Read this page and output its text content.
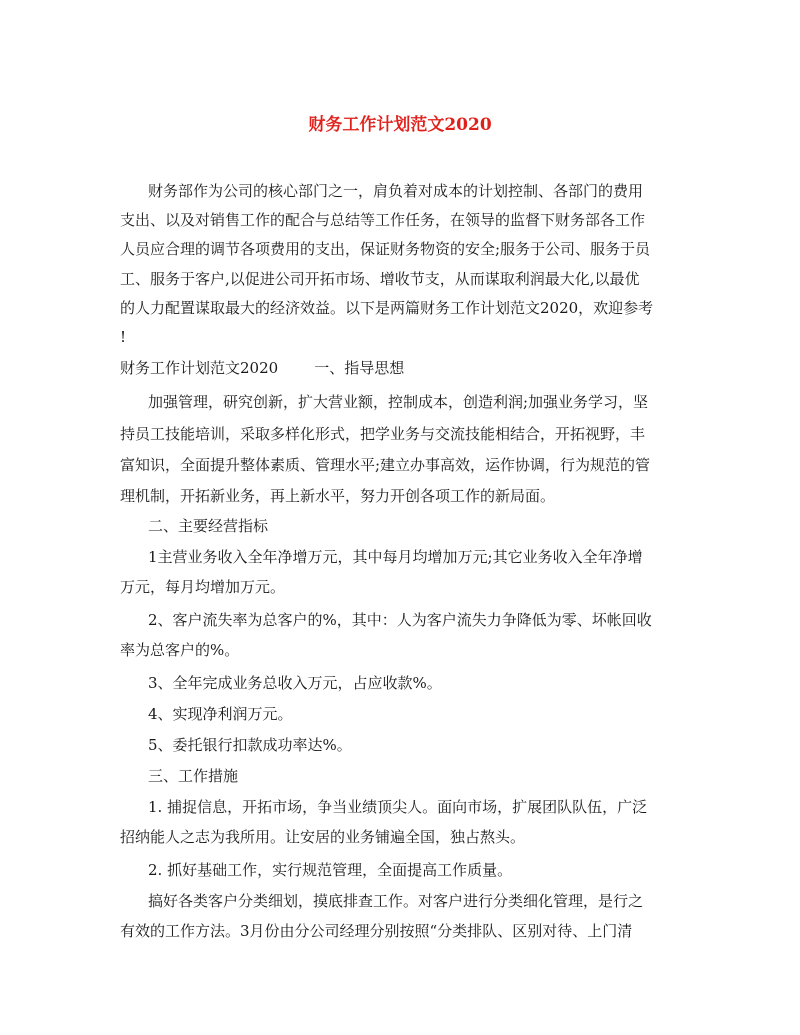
财务工作计划范文2020

财务部作为公司的核心部门之一，肩负着对成本的计划控制、各部门的费用

支出、以及对销售工作的配合与总结等工作任务，在领导的监督下财务部各工作

人员应合理的调节各项费用的支出，保证财务物资的安全;服务于公司、服务于员

工、服务于客户,以促进公司开拓市场、增收节支，从而谋取利润最大化,以最优

的人力配置谋取最大的经济效益。以下是两篇财务工作计划范文2020，欢迎参考

!

财务工作计划范文2020 一、指导思想

加强管理，研究创新，扩大营业额，控制成本，创造利润;加强业务学习，坚

持员工技能培训，采取多样化形式，把学业务与交流技能相结合，开拓视野，丰

富知识，全面提升整体素质、管理水平;建立办事高效，运作协调，行为规范的管

理机制，开拓新业务，再上新水平，努力开创各项工作的新局面。

二、主要经营指标

1主营业务收入全年净增万元，其中每月均增加万元;其它业务收入全年净增

万元，每月均增加万元。

2、客户流失率为总客户的%，其中：人为客户流失力争降低为零、坏帐回收

率为总客户的%。

3、全年完成业务总收入万元，占应收款%。

4、实现净利润万元。

5、委托银行扣款成功率达%。

三、工作措施

1. 捕捉信息，开拓市场，争当业绩顶尖人。面向市场，扩展团队队伍，广泛

招纳能人之志为我所用。让安居的业务铺遍全国，独占熬头。

2. 抓好基础工作，实行规范管理，全面提高工作质量。

搞好各类客户分类细划，摸底排查工作。对客户进行分类细化管理，是行之

有效的工作方法。3月份由分公司经理分别按照“分类排队、区别对待、上门清
